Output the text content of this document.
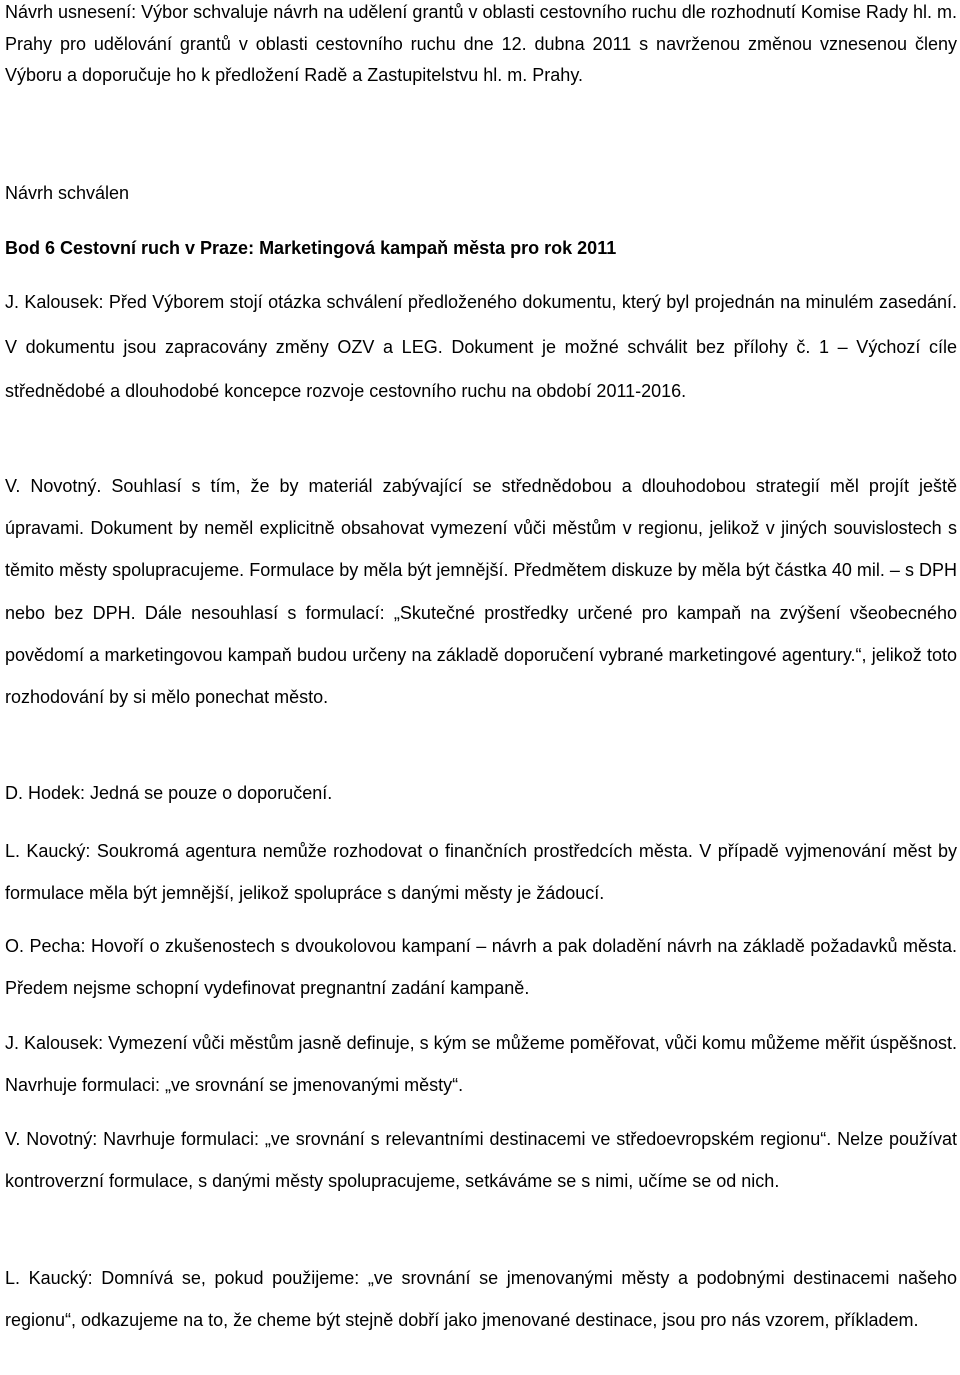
Návrh usnesení: Výbor schvaluje návrh na udělení grantů v oblasti cestovního ruchu dle rozhodnutí Komise Rady hl. m. Prahy pro udělování grantů v oblasti cestovního ruchu dne 12. dubna 2011 s navrženou změnou vznesenou členy Výboru a doporučuje ho k předložení Radě a Zastupitelstvu hl. m. Prahy.

Návrh schválen

Bod 6 Cestovní ruch v Praze: Marketingová kampaň města pro rok 2011

J. Kalousek: Před Výborem stojí otázka schválení předloženého dokumentu, který byl projednán na minulém zasedání. V dokumentu jsou zapracovány změny OZV a LEG. Dokument je možné schválit bez přílohy č. 1 – Výchozí cíle střednědobé a dlouhodobé koncepce rozvoje cestovního ruchu na období 2011-2016.

V. Novotný. Souhlasí s tím, že by materiál zabývající se střednědobou a dlouhodobou strategií měl projít ještě úpravami. Dokument by neměl explicitně obsahovat vymezení vůči městům v regionu, jelikož v jiných souvislostech s těmito městy spolupracujeme. Formulace by měla být jemnější. Předmětem diskuze by měla být částka 40 mil. – s DPH nebo bez DPH. Dále nesouhlasí s formulací: „Skutečné prostředky určené pro kampaň na zvýšení všeobecného povědomí a marketingovou kampaň budou určeny na základě doporučení vybrané marketingové agentury.“, jelikož toto rozhodování by si mělo ponechat město.

D. Hodek: Jedná se pouze o doporučení.

L. Kaucký: Soukromá agentura nemůže rozhodovat o finančních prostředcích města. V případě vyjmenování měst by formulace měla být jemnější, jelikož spolupráce s danými městy je žádoucí.

O. Pecha: Hovoří o zkušenostech s dvoukolovou kampaní – návrh a pak doladění návrh na základě požadavků města. Předem nejsme schopní vydefinovat pregnantní zadání kampaně.

J. Kalousek: Vymezení vůči městům jasně definuje, s kým se můžeme poměřovat, vůči komu můžeme měřit úspěšnost. Navrhuje formulaci: „ve srovnání se jmenovanými městy“.

V. Novotný: Navrhuje formulaci: „ve srovnání s relevantními destinacemi ve středoevropském regionu“. Nelze používat kontroverzní formulace, s danými městy spolupracujeme, setkáváme se s nimi, učíme se od nich.

L. Kaucký: Domnívá se, pokud použijeme: „ve srovnání se jmenovanými městy a podobnými destinacemi našeho regionu“, odkazujeme na to, že cheme být stejně dobří jako jmenované destinace, jsou pro nás vzorem, příkladem.
